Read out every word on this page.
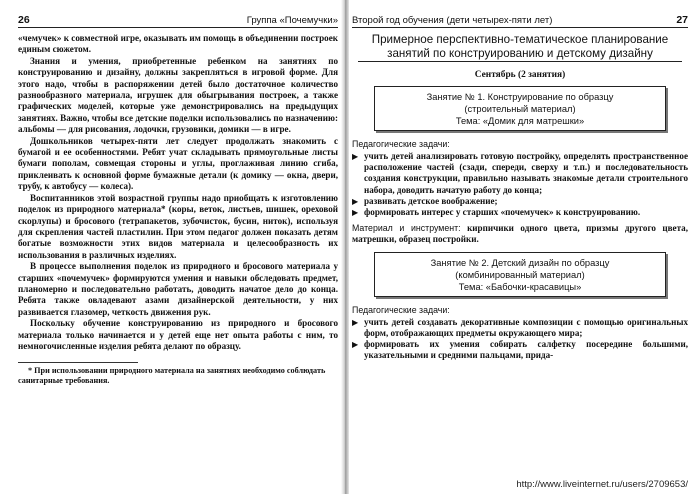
26	Группа «Почемучки»

«чемучек» к совместной игре, оказывать им помощь в объединении построек единым сюжетом.

Знания и умения, приобретенные ребенком на занятиях по конструированию и дизайну, должны закрепляться в игровой форме. Для этого надо, чтобы в распоряжении детей было достаточное количество разнообразного материала, игрушек для обыгрывания построек, а также графических моделей, которые уже демонстрировались на предыдущих занятиях. Важно, чтобы все детские поделки использовались по назначению: альбомы — для рисования, лодочки, грузовики, домики — в игре.

Дошкольников четырех-пяти лет следует продолжать знакомить с бумагой и ее особенностями. Ребят учат складывать прямоугольные листы бумаги пополам, совмещая стороны и углы, проглаживая линию сгиба, приклеивать к основной форме бумажные детали (к домику — окна, двери, трубу, к автобусу — колеса).

Воспитанников этой возрастной группы надо приобщать к изготовлению поделок из природного материала* (коры, веток, листьев, шишек, ореховой скорлупы) и бросового (тетрапакетов, зубочисток, бусин, ниток), используя для скрепления частей пластилин. При этом педагог должен показать детям богатые возможности этих видов материала и целесообразность их использования в различных изделиях.

В процессе выполнения поделок из природного и бросового материала у старших «почемучек» формируются умения и навыки обследовать предмет, планомерно и последовательно работать, доводить начатое дело до конца. Ребята также овладевают азами дизайнерской деятельности, у них развивается глазомер, четкость движения рук.

Поскольку обучение конструированию из природного и бросового материала только начинается и у детей еще нет опыта работы с ним, то немногочисленные изделия ребята делают по образцу.

* При использовании природного материала на занятиях необходимо соблюдать санитарные требования.

Второй год обучения (дети четырех-пяти лет)	27
Примерное перспективно-тематическое планирование
занятий по конструированию и детскому дизайну
Сентябрь (2 занятия)
Занятие № 1. Конструирование по образцу
(строительный материал)
Тема: «Домик для матрешки»
Педагогические задачи:
▶ учить детей анализировать готовую постройку, определять пространственное расположение частей (сзади, спереди, сверху и т.п.) и последовательность создания конструкции, правильно называть знакомые детали строительного набора, доводить начатую работу до конца;
▶ развивать детское воображение;
▶ формировать интерес у старших «почемучек» к конструированию.

Материал и инструмент: кирпичики одного цвета, призмы другого цвета, матрешки, образец постройки.

Занятие № 2. Детский дизайн по образцу
(комбинированный материал)
Тема: «Бабочки-красавицы»
Педагогические задачи:
▶ учить детей создавать декоративные композиции с помощью оригинальных форм, отображающих предметы окружающего мира;
▶ формировать их умения собирать салфетку посередине большими, указательными и средними пальцами, прида-
http://www.liveinternet.ru/users/2709653/
